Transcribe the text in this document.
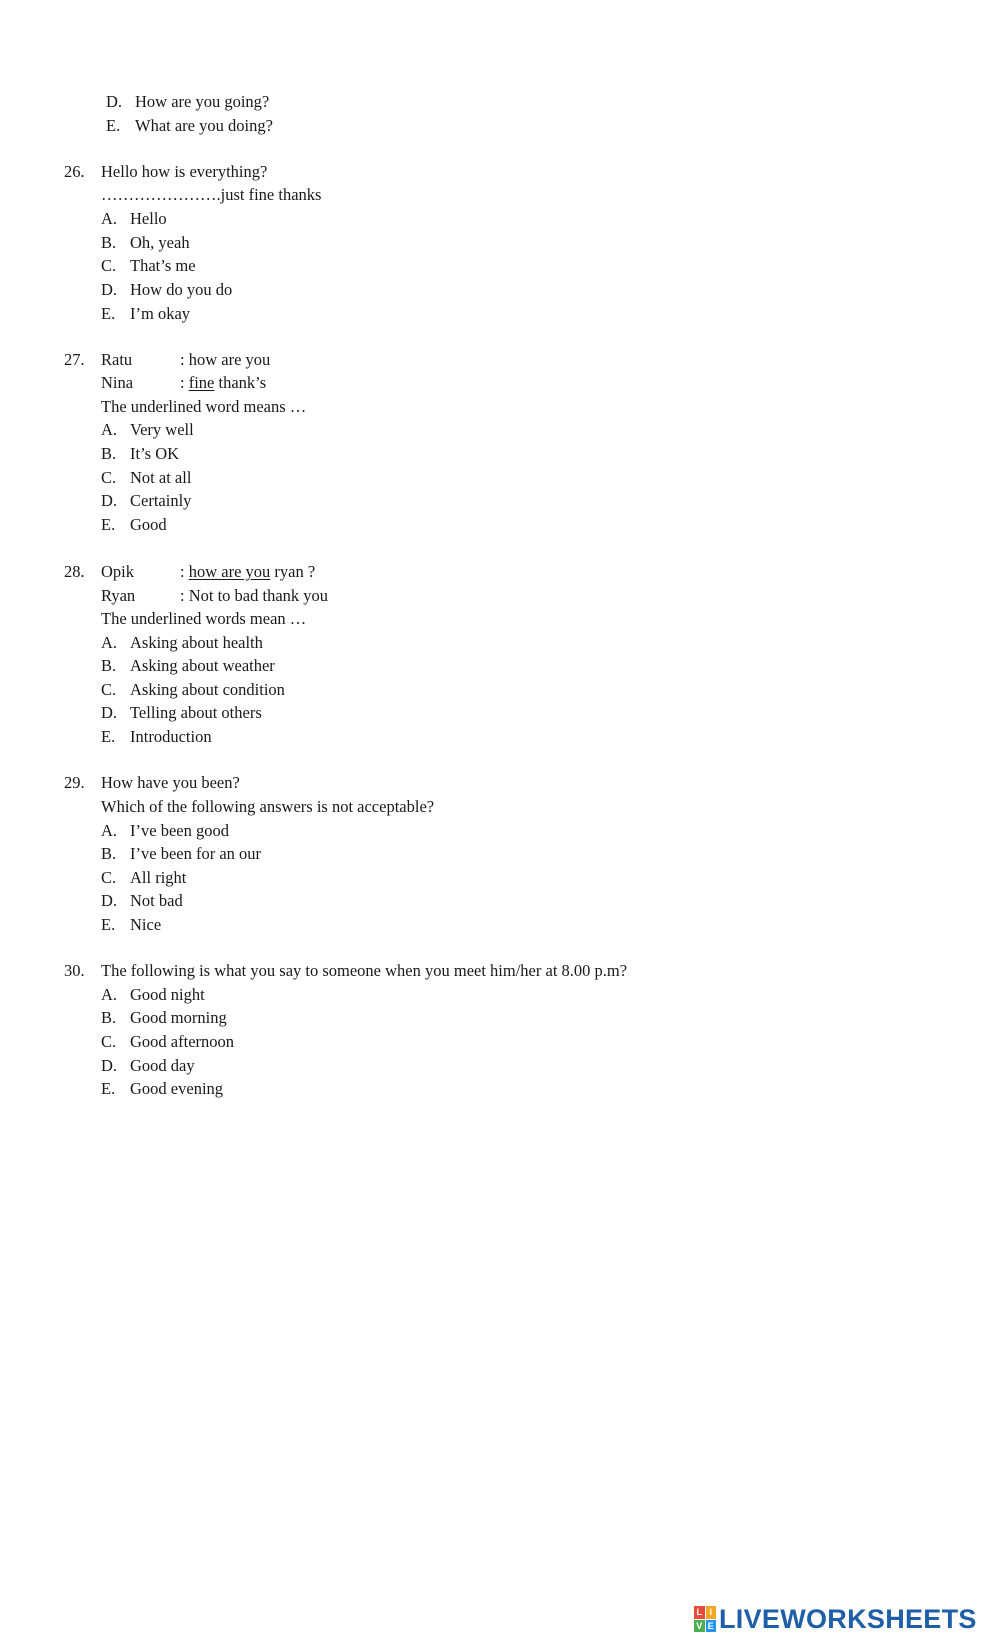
D. How are you going?
E. What are you doing?
26. Hello how is everything?
………………….just fine thanks
A. Hello
B. Oh, yeah
C. That’s me
D. How do you do
E. I’m okay
27. Ratu	: how are you
Nina	: fine thank’s
The underlined word means …
A. Very well
B. It’s OK
C. Not at all
D. Certainly
E. Good
28. Opik	: how are you ryan ?
Ryan	: Not to bad thank you
The underlined words mean …
A. Asking about health
B. Asking about weather
C. Asking about condition
D. Telling about others
E. Introduction
29. How have you been?
Which of the following answers is not acceptable?
A. I’ve been good
B. I’ve been for an our
C. All right
D. Not bad
E. Nice
30. The following is what you say to someone when you meet him/her at 8.00 p.m?
A. Good night
B. Good morning
C. Good afternoon
D. Good day
E. Good evening
L I
V E LIVEWORKSHEETS
